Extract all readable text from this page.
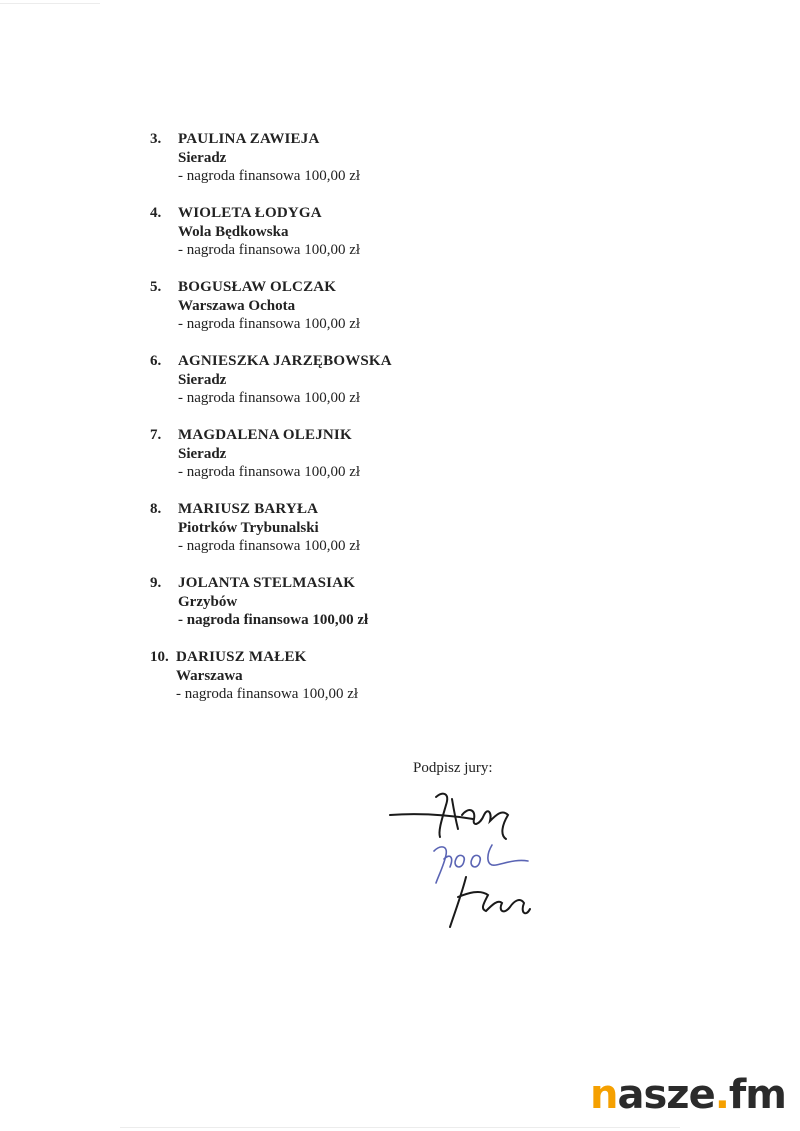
3. PAULINA ZAWIEJA
Sieradz
- nagroda finansowa 100,00 zł
4. WIOLETA ŁODYGA
Wola Będkowska
- nagroda finansowa 100,00 zł
5. BOGUSŁAW OLCZAK
Warszawa Ochota
- nagroda finansowa 100,00 zł
6. AGNIESZKA JARZĘBOWSKA
Sieradz
- nagroda finansowa 100,00 zł
7. MAGDALENA OLEJNIK
Sieradz
- nagroda finansowa 100,00 zł
8. MARIUSZ BARYŁA
Piotrków Trybunalski
- nagroda finansowa 100,00 zł
9. JOLANTA STELMASIAK
Grzybów
- nagroda finansowa 100,00 zł
10. DARIUSZ MAŁEK
Warszawa
- nagroda finansowa 100,00 zł
Podpisz jury:
nasze.fm
